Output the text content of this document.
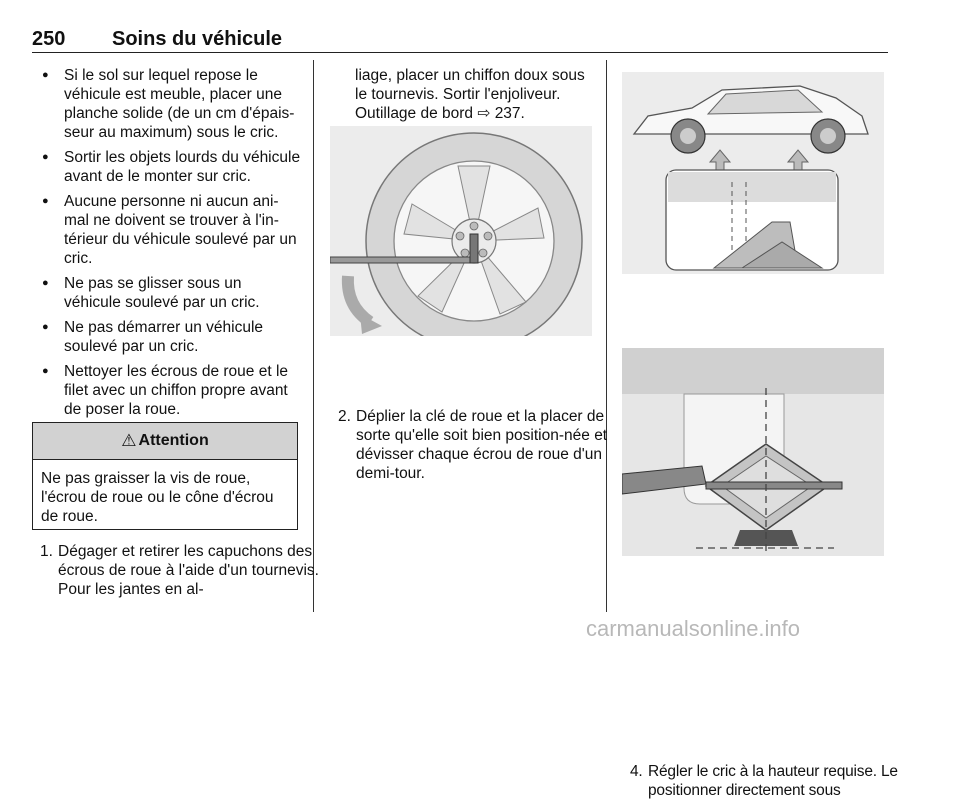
250 Soins du véhicule
● Si le sol sur lequel repose le véhicule est meuble, placer une planche solide (de un cm d'épais-seur au maximum) sous le cric.
● Sortir les objets lourds du véhicule avant de le monter sur cric.
● Aucune personne ni aucun ani-mal ne doivent se trouver à l'in-térieur du véhicule soulevé par un cric.
● Ne pas se glisser sous un véhicule soulevé par un cric.
● Ne pas démarrer un véhicule soulevé par un cric.
● Nettoyer les écrous de roue et le filet avec un chiffon propre avant de poser la roue.
⚠ Attention
Ne pas graisser la vis de roue, l'écrou de roue ou le cône d'écrou de roue.
1. Dégager et retirer les capuchons des écrous de roue à l'aide d'un tournevis. Pour les jantes en al-
liage, placer un chiffon doux sous le tournevis. Sortir l'enjoliveur. Outillage de bord ⇨ 237.
2. Déplier la clé de roue et la placer de sorte qu'elle soit bien position-née et dévisser chaque écrou de roue d'un demi-tour.
4. Régler le cric à la hauteur requise. Le positionner directement sous
carmanualsonline.info
